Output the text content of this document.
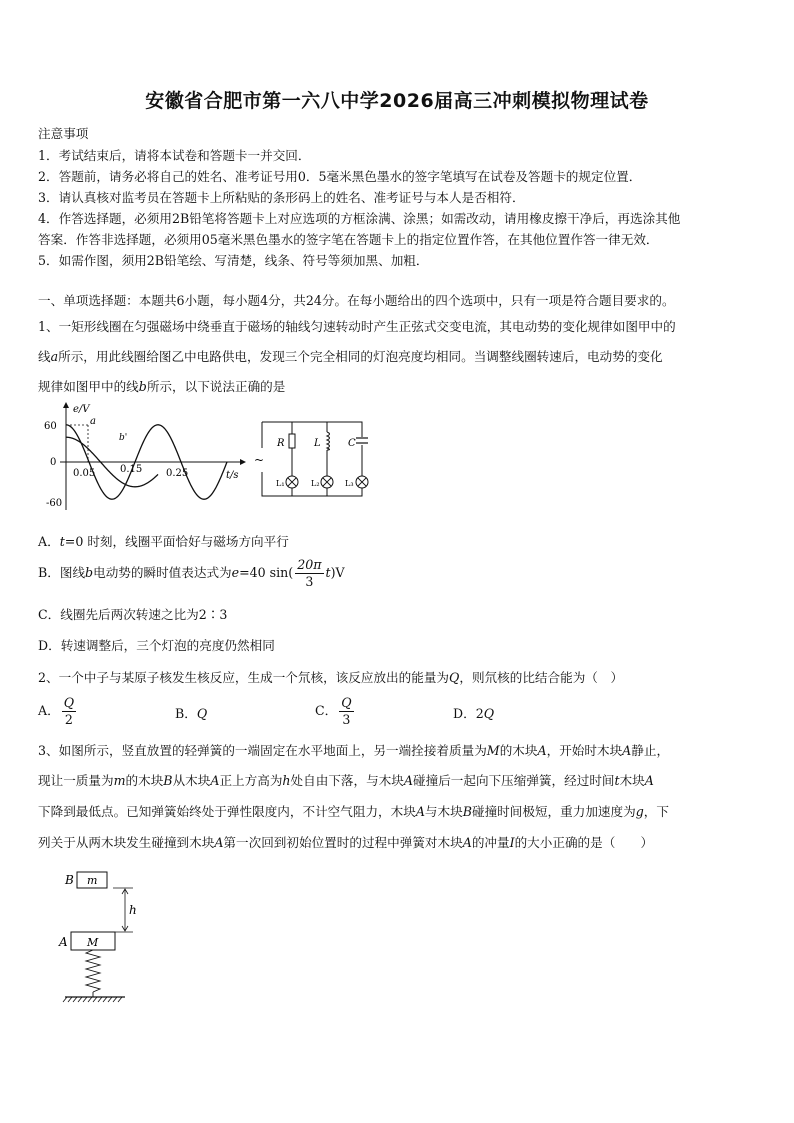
安徽省合肥市第一六八中学2026届高三冲刺模拟物理试卷
注意事项
1．考试结束后，请将本试卷和答题卡一并交回．
2．答题前，请务必将自己的姓名、准考证号用0．5毫米黑色墨水的签字笔填写在试卷及答题卡的规定位置．
3．请认真核对监考员在答题卡上所粘贴的条形码上的姓名、准考证号与本人是否相符．
4．作答选择题，必须用2B铅笔将答题卡上对应选项的方框涂满、涂黑；如需改动，请用橡皮擦干净后，再选涂其他
答案．作答非选择题，必须用05毫米黑色墨水的签字笔在答题卡上的指定位置作答，在其他位置作答一律无效．
5．如需作图，须用2B铅笔绘、写清楚，线条、符号等须加黑、加粗．
一、单项选择题：本题共6小题，每小题4分，共24分。在每小题给出的四个选项中，只有一项是符合题目要求的。
1、一矩形线圈在匀强磁场中绕垂直于磁场的轴线匀速转动时产生正弦式交变电流，其电动势的变化规律如图甲中的
线a所示，用此线圈给图乙中电路供电，发现三个完全相同的灯泡亮度均相同。当调整线圈转速后，电动势的变化
规律如图甲中的线b所示，以下说法正确的是
e/V
t/s
60
0
-60
0.05 0.15 0.25
a
b'
~
R	L	C
L₁	L₂	L₃
A．t=0 时刻，线圈平面恰好与磁场方向平行
B．图线b电动势的瞬时值表达式为e=40 $\sin( \frac{20\pi}{3} t)V$
C．线圈先后两次转速之比为2∶3
D．转速调整后，三个灯泡的亮度仍然相同
2、一个中子与某原子核发生核反应，生成一个氘核，该反应放出的能量为Q，则氘核的比结合能为（　）
A． $\frac{Q}{2}$	B．Q	C． $\frac{Q}{3}$	D．2Q
3、如图所示，竖直放置的轻弹簧的一端固定在水平地面上，另一端拴接着质量为M的木块A，开始时木块A静止，
现让一质量为m的木块B从木块A正上方高为h处自由下落，与木块A碰撞后一起向下压缩弹簧，经过时间t木块A
下降到最低点。已知弹簧始终处于弹性限度内，不计空气阻力，木块A与木块B碰撞时间极短，重力加速度为g，下
列关于从两木块发生碰撞到木块A第一次回到初始位置时的过程中弹簧对木块A的冲量I的大小正确的是（　　）
B m
h
A M
